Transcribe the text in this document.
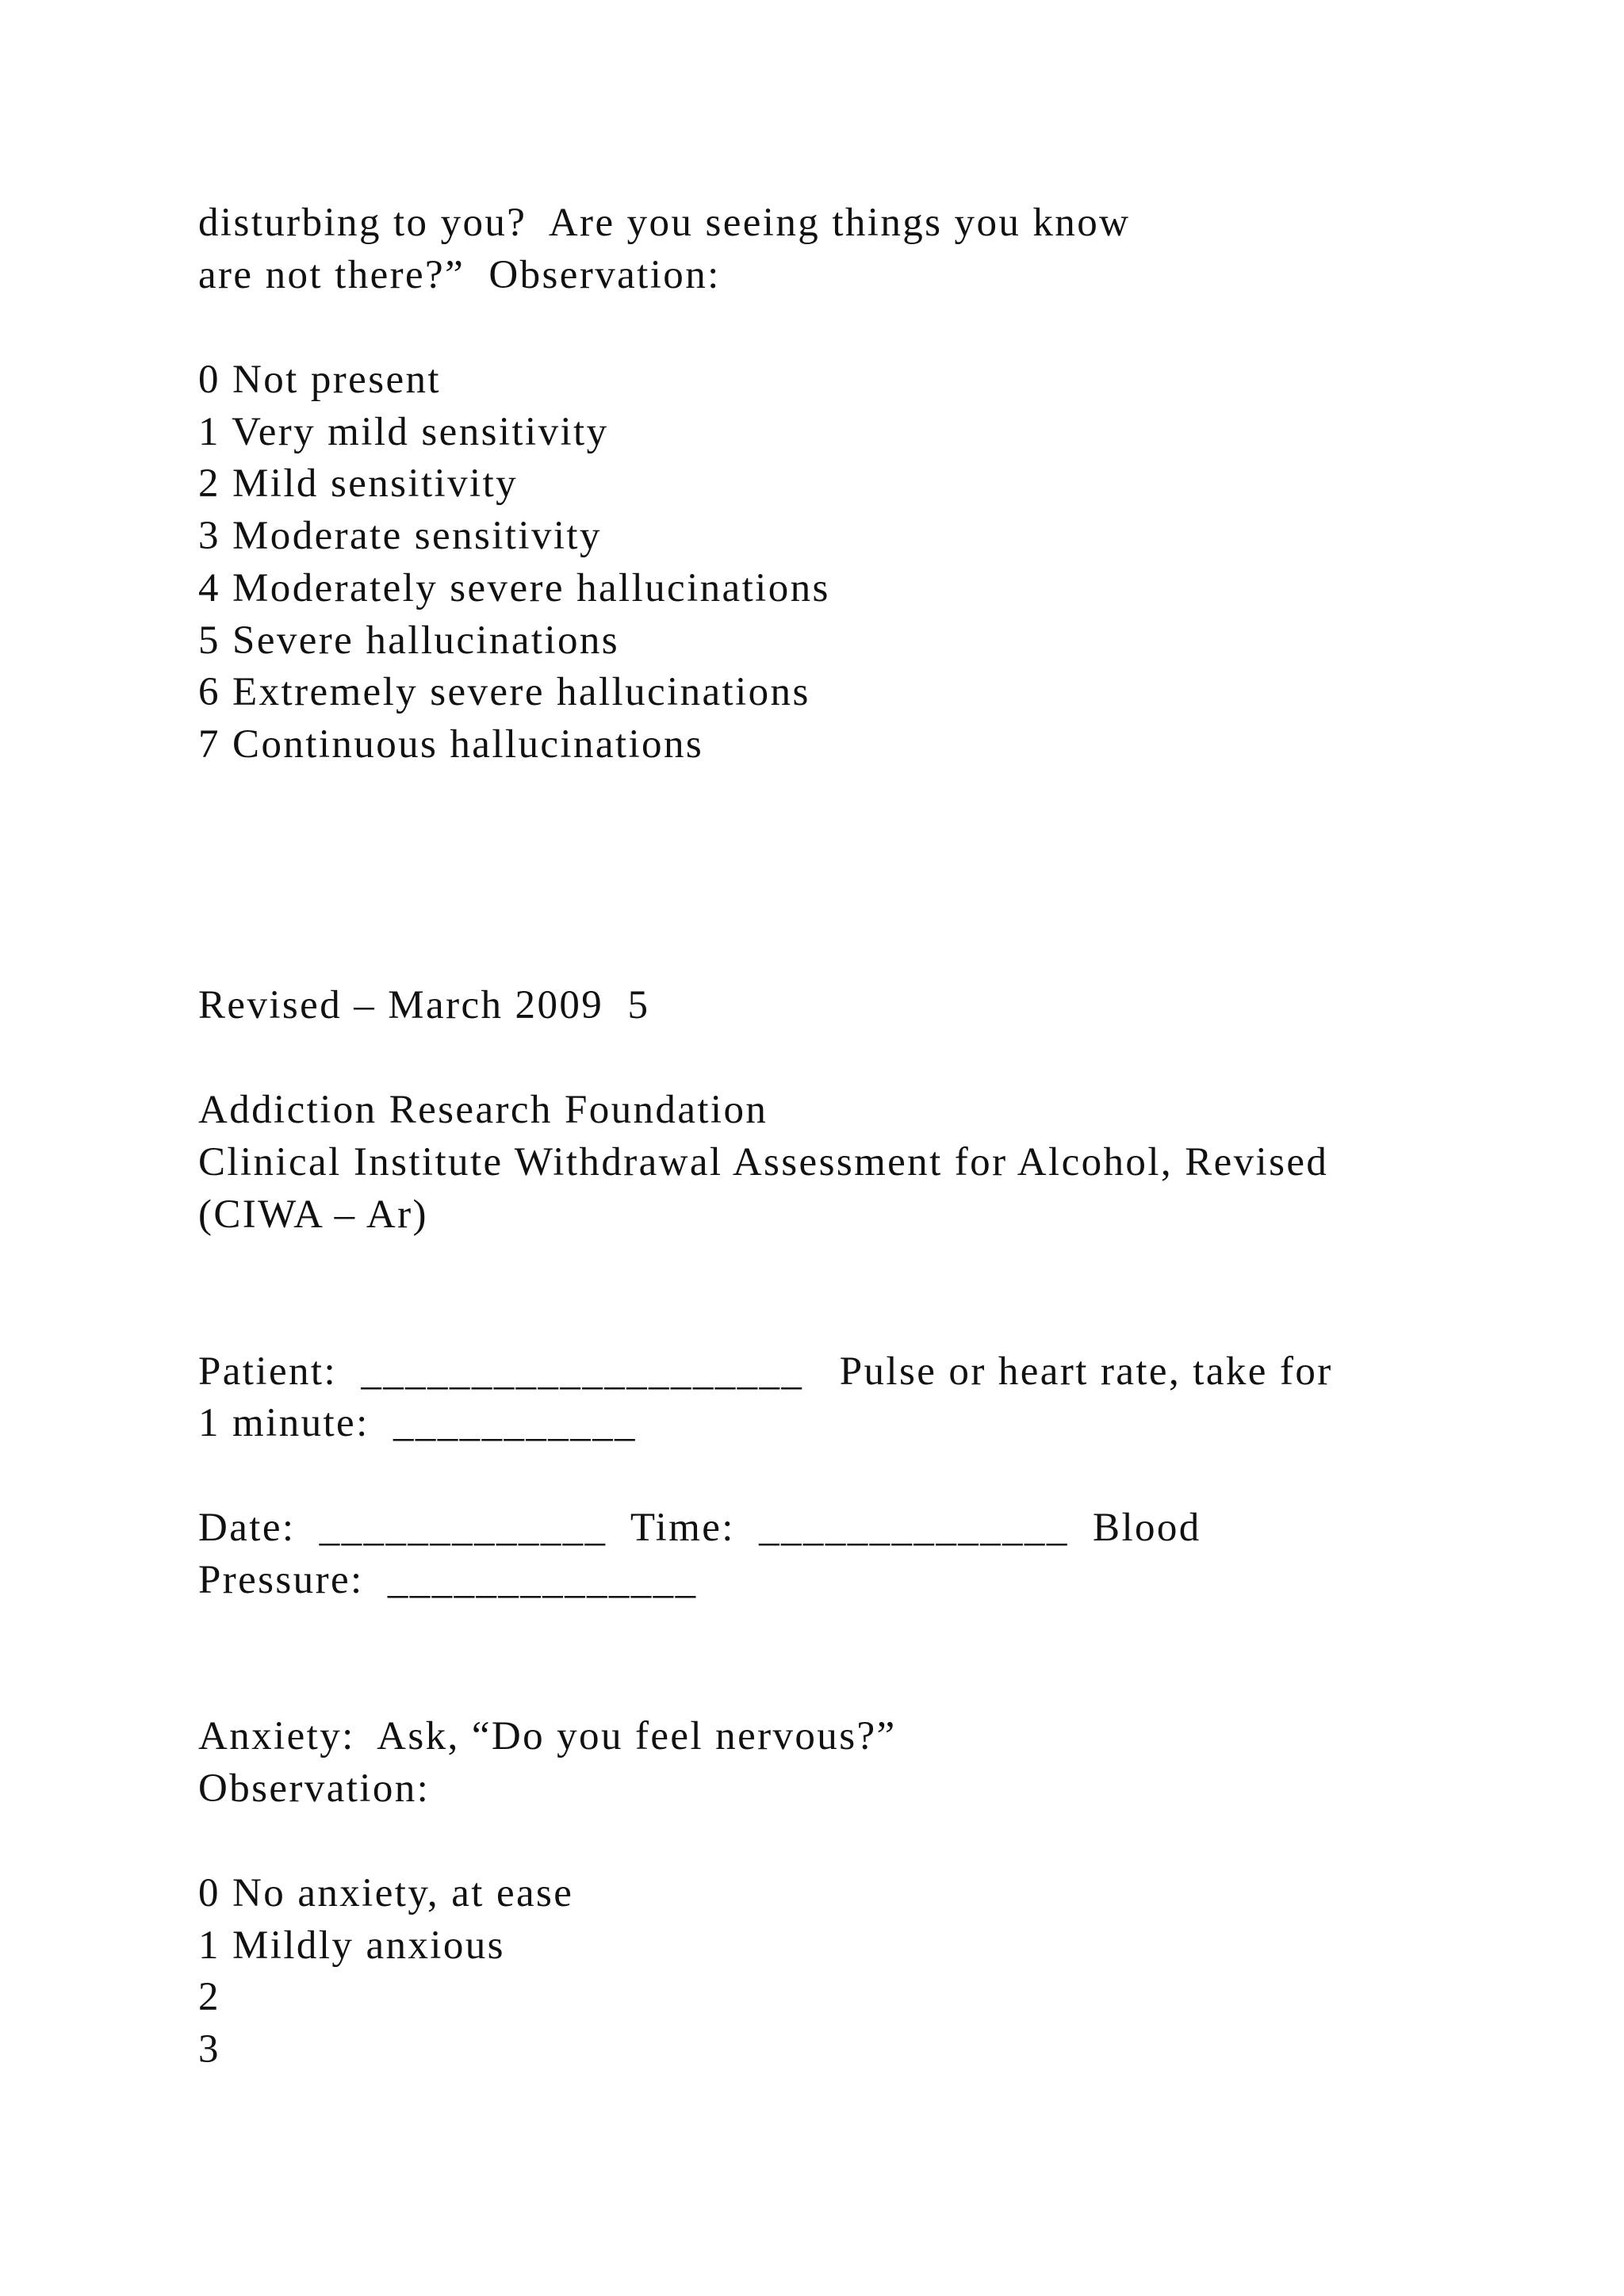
disturbing to you?  Are you seeing things you know
are not there?”  Observation:
0 Not present
1 Very mild sensitivity
2 Mild sensitivity
3 Moderate sensitivity
4 Moderately severe hallucinations
5 Severe hallucinations
6 Extremely severe hallucinations
7 Continuous hallucinations
Revised – March 2009  5
Addiction Research Foundation
Clinical Institute Withdrawal Assessment for Alcohol, Revised
(CIWA – Ar)
Patient:  ____________________   Pulse or heart rate, take for
1 minute:  ___________
Date:  _____________  Time:  ______________  Blood
Pressure:  ______________
Anxiety:  Ask, “Do you feel nervous?”
Observation:
0 No anxiety, at ease
1 Mildly anxious
2
3
